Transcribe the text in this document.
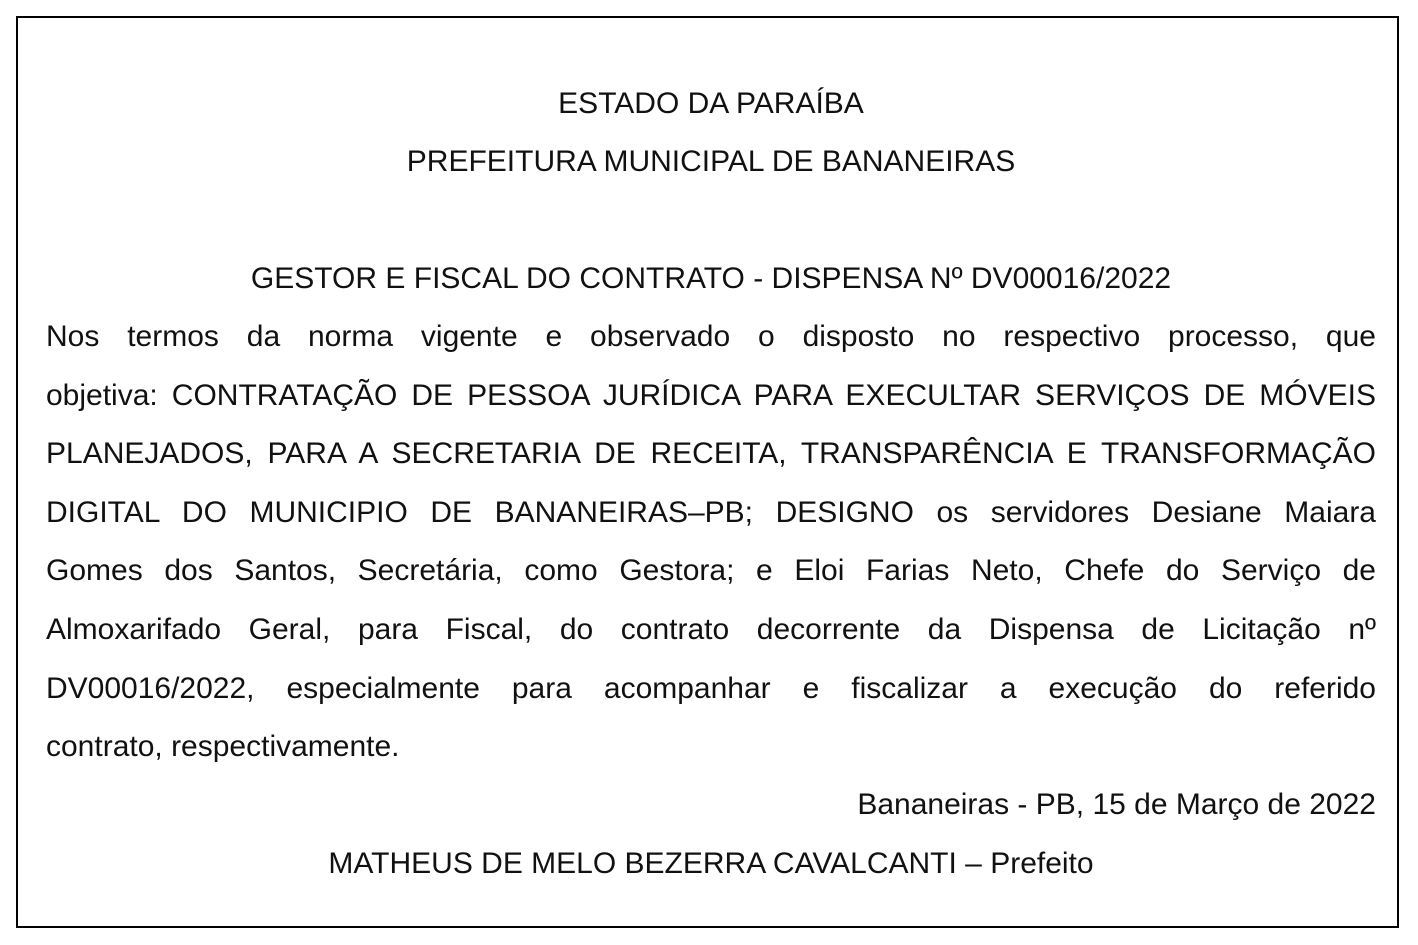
ESTADO DA PARAÍBA
PREFEITURA MUNICIPAL DE BANANEIRAS
GESTOR E FISCAL DO CONTRATO - DISPENSA Nº DV00016/2022
Nos termos da norma vigente e observado o disposto no respectivo processo, que
objetiva: CONTRATAÇÃO DE PESSOA JURÍDICA PARA EXECULTAR SERVIÇOS DE MÓVEIS
PLANEJADOS, PARA A SECRETARIA DE RECEITA, TRANSPARÊNCIA E TRANSFORMAÇÃO
DIGITAL DO MUNICIPIO DE BANANEIRAS–PB; DESIGNO os servidores Desiane Maiara
Gomes dos Santos, Secretária, como Gestora; e Eloi Farias Neto, Chefe do Serviço de
Almoxarifado Geral, para Fiscal, do contrato decorrente da Dispensa de Licitação nº
DV00016/2022, especialmente para acompanhar e fiscalizar a execução do referido
contrato, respectivamente.
Bananeiras - PB, 15 de Março de 2022
MATHEUS DE MELO BEZERRA CAVALCANTI – Prefeito
